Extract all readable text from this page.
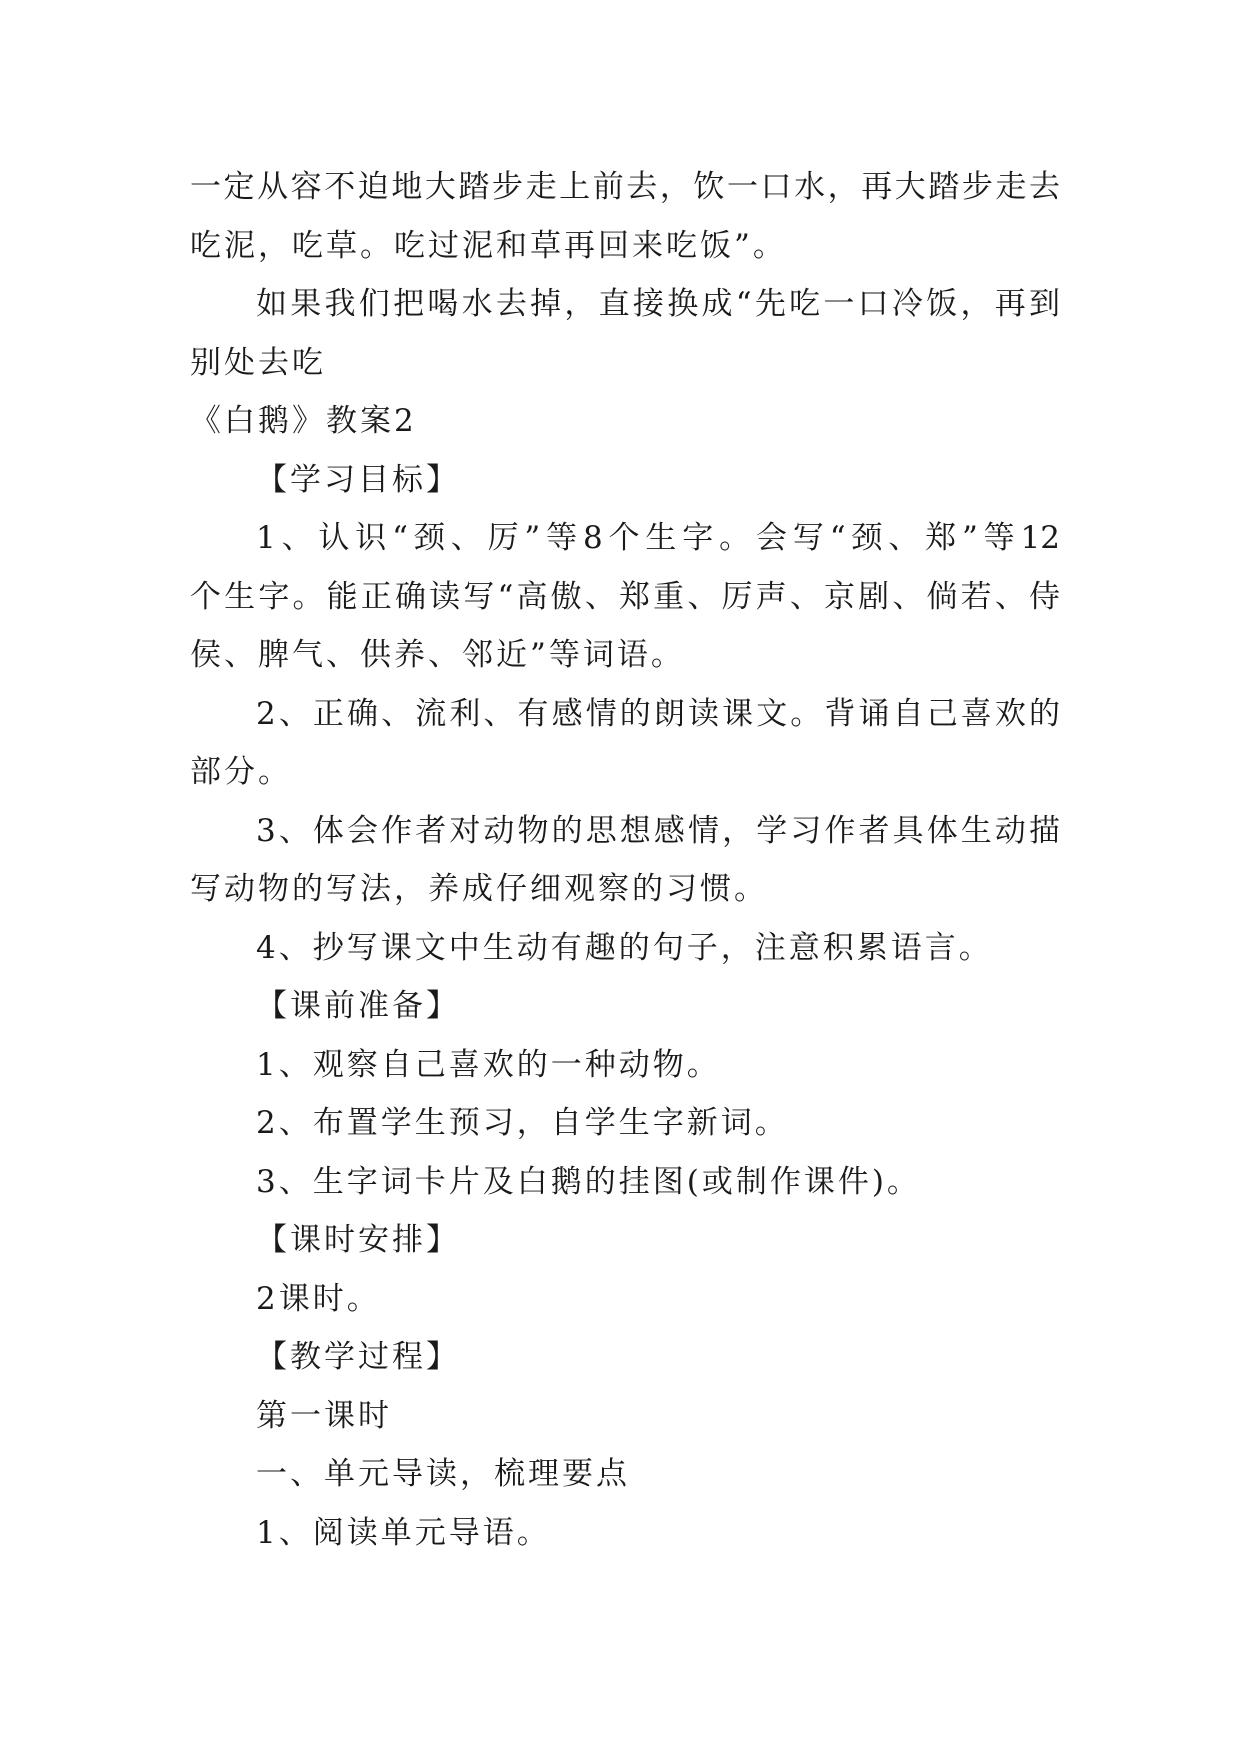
一定从容不迫地大踏步走上前去，饮一口水，再大踏步走去
吃泥，吃草。吃过泥和草再回来吃饭”。
如果我们把喝水去掉，直接换成“先吃一口冷饭，再到
别处去吃
《白鹅》教案2
【学习目标】
1、认识“颈、厉”等8个生字。会写“颈、郑”等12
个生字。能正确读写“高傲、郑重、厉声、京剧、倘若、侍
侯、脾气、供养、邻近”等词语。
2、正确、流利、有感情的朗读课文。背诵自己喜欢的
部分。
3、体会作者对动物的思想感情，学习作者具体生动描
写动物的写法，养成仔细观察的习惯。
4、抄写课文中生动有趣的句子，注意积累语言。
【课前准备】
1、观察自己喜欢的一种动物。
2、布置学生预习，自学生字新词。
3、生字词卡片及白鹅的挂图(或制作课件)。
【课时安排】
2课时。
【教学过程】
第一课时
一、单元导读，梳理要点
1、阅读单元导语。
